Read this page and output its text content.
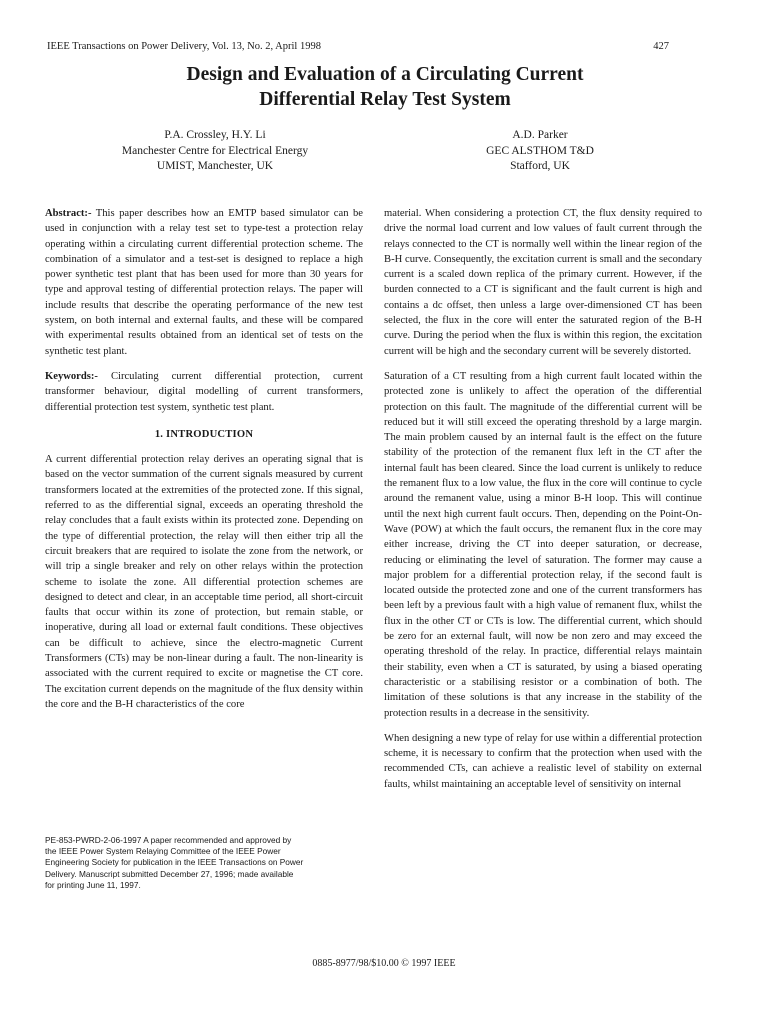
IEEE Transactions on Power Delivery, Vol. 13, No. 2, April 1998	427
Design and Evaluation of a Circulating Current
Differential Relay Test System
P.A. Crossley, H.Y. Li
Manchester Centre for Electrical Energy
UMIST, Manchester, UK
A.D. Parker
GEC ALSTHOM T&D
Stafford, UK

Abstract:- This paper describes how an EMTP based simulator can be used in conjunction with a relay test set to type-test a protection relay operating within a circulating current differential protection scheme. The combination of a simulator and a test-set is designed to replace a high power synthetic test plant that has been used for more than 30 years for type and approval testing of differential protection relays. The paper will include results that describe the operating performance of the new test system, on both internal and external faults, and these will be compared with experimental results obtained from an identical set of tests on the synthetic test plant.

Keywords:- Circulating current differential protection, current transformer behaviour, digital modelling of current transformers, differential protection test system, synthetic test plant.

1. INTRODUCTION

A current differential protection relay derives an operating signal that is based on the vector summation of the current signals measured by current transformers located at the extremities of the protected zone. If this signal, referred to as the differential signal, exceeds an operating threshold the relay concludes that a fault exists within its protected zone. Depending on the type of differential protection, the relay will then either trip all the circuit breakers that are required to isolate the zone from the network, or will trip a single breaker and rely on other relays within the protection scheme to isolate the zone. All differential protection schemes are designed to detect and clear, in an acceptable time period, all short-circuit faults that occur within its zone of protection, but remain stable, or inoperative, during all load or external fault conditions. These objectives can be difficult to achieve, since the electro-magnetic Current Transformers (CTs) may be non-linear during a fault. The non-linearity is associated with the current required to excite or magnetise the CT core. The excitation current depends on the magnitude of the flux density within the core and the B-H characteristics of the core

PE-853-PWRD-2-06-1997 A paper recommended and approved by

the IEEE Power System Relaying Committee of the IEEE Power

Engineering Society for publication in the IEEE Transactions on Power

Delivery. Manuscript submitted December 27, 1996; made available

for printing June 11, 1997.

material. When considering a protection CT, the flux density required to drive the normal load current and low values of fault current through the relays connected to the CT is normally well within the linear region of the B-H curve. Consequently, the excitation current is small and the secondary current is a scaled down replica of the primary current. However, if the burden connected to a CT is significant and the fault current is high and contains a dc offset, then unless a large over-dimensioned CT has been selected, the flux in the core will enter the saturated region of the B-H curve. During the period when the flux is within this region, the excitation current will be high and the secondary current will be severely distorted.

Saturation of a CT resulting from a high current fault located within the protected zone is unlikely to affect the operation of the differential protection on this fault. The magnitude of the differential current will be reduced but it will still exceed the operating threshold by a large margin. The main problem caused by an internal fault is the effect on the future stability of the protection of the remanent flux left in the CT after the internal fault has been cleared. Since the load current is unlikely to reduce the remanent flux to a low value, the flux in the core will continue to cycle around the remanent value, using a minor B-H loop. This will continue until the next high current fault occurs. Then, depending on the Point-On-Wave (POW) at which the fault occurs, the remanent flux in the core may either increase, driving the CT into deeper saturation, or decrease, reducing or eliminating the level of saturation. The former may cause a major problem for a differential protection relay, if the second fault is located outside the protected zone and one of the current transformers has been left by a previous fault with a high value of remanent flux, whilst the flux in the other CT or CTs is low. The differential current, which should be zero for an external fault, will now be non zero and may exceed the operating threshold of the relay. In practice, differential relays maintain their stability, even when a CT is saturated, by using a biased operating characteristic or a stabilising resistor or a combination of both. The limitation of these solutions is that any increase in the stability of the protection results in a decrease in the sensitivity.

When designing a new type of relay for use within a differential protection scheme, it is necessary to confirm that the protection when used with the recommended CTs, can achieve a realistic level of stability on external faults, whilst maintaining an acceptable level of sensitivity on internal

0885-8977/98/$10.00 © 1997 IEEE
